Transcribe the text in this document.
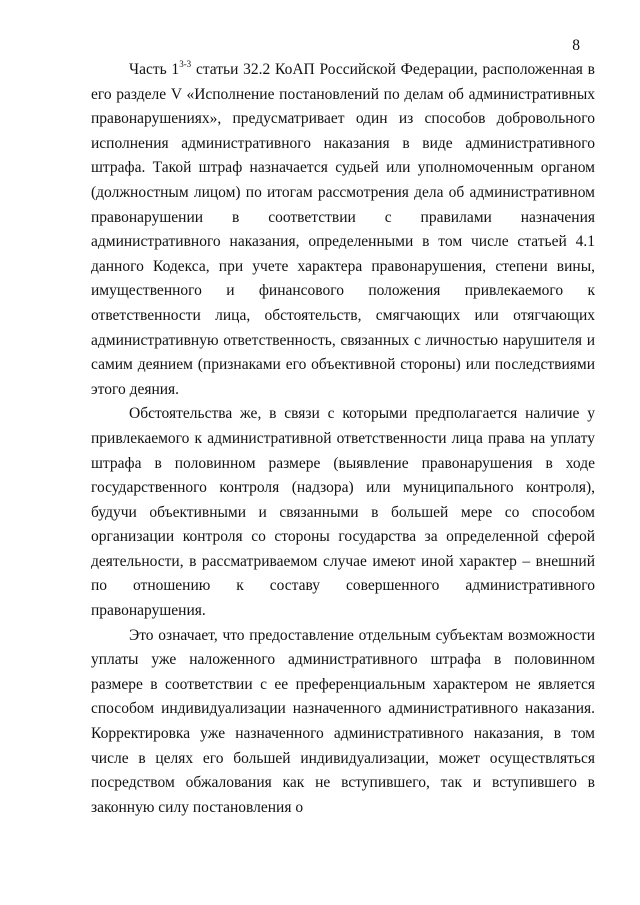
8

Часть 1$^{3-3}$ статьи 32.2 КоАП Российской Федерации, расположенная в его разделе V «Исполнение постановлений по делам об административных правонарушениях», предусматривает один из способов добровольного исполнения административного наказания в виде административного штрафа. Такой штраф назначается судьей или уполномоченным органом (должностным лицом) по итогам рассмотрения дела об административном правонарушении в соответствии с правилами назначения административного наказания, определенными в том числе статьей 4.1 данного Кодекса, при учете характера правонарушения, степени вины, имущественного и финансового положения привлекаемого к ответственности лица, обстоятельств, смягчающих или отягчающих административную ответственность, связанных с личностью нарушителя и самим деянием (признаками его объективной стороны) или последствиями этого деяния.

Обстоятельства же, в связи с которыми предполагается наличие у привлекаемого к административной ответственности лица права на уплату штрафа в половинном размере (выявление правонарушения в ходе государственного контроля (надзора) или муниципального контроля), будучи объективными и связанными в большей мере со способом организации контроля со стороны государства за определенной сферой деятельности, в рассматриваемом случае имеют иной характер – внешний по отношению к составу совершенного административного правонарушения.

Это означает, что предоставление отдельным субъектам возможности уплаты уже наложенного административного штрафа в половинном размере в соответствии с ее преференциальным характером не является способом индивидуализации назначенного административного наказания. Корректировка уже назначенного административного наказания, в том числе в целях его большей индивидуализации, может осуществляться посредством обжалования как не вступившего, так и вступившего в законную силу постановления о
